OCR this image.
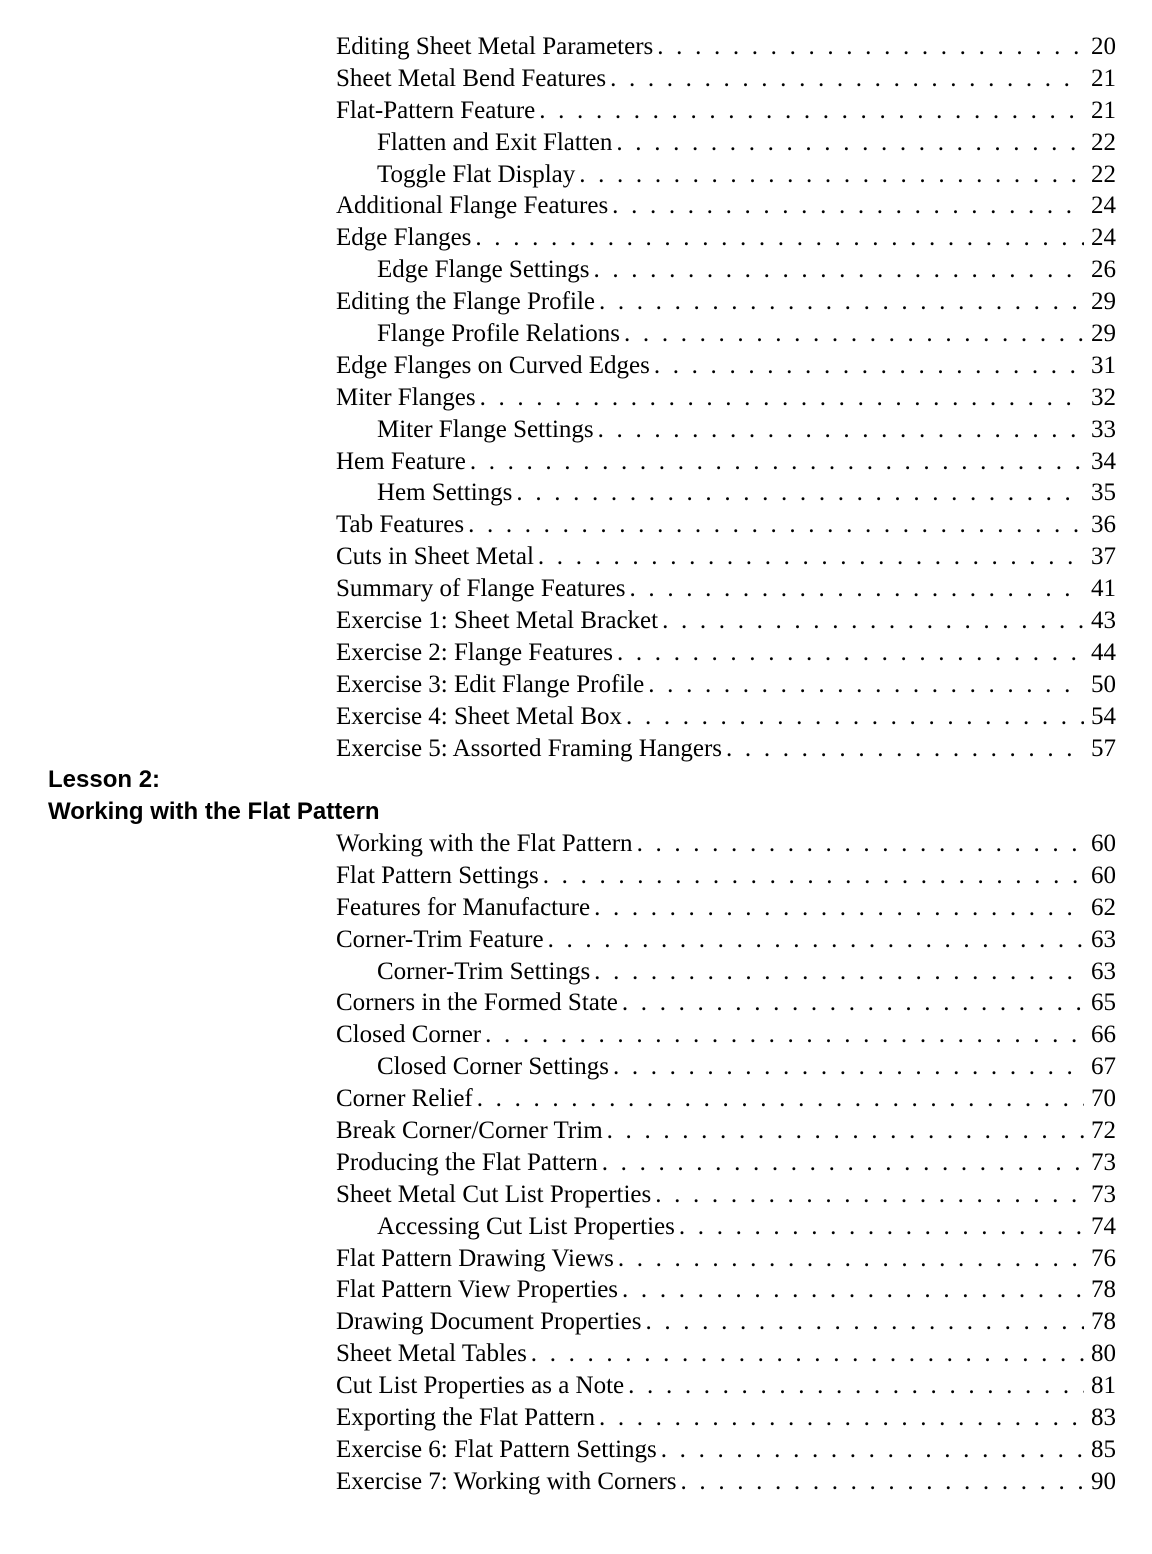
Editing Sheet Metal Parameters . . .	20
Sheet Metal Bend Features . . .	21
Flat-Pattern Feature . . .	21
Flatten and Exit Flatten . . .	22
Toggle Flat Display . . .	22
Additional Flange Features . . .	24
Edge Flanges . . .	24
Edge Flange Settings . . .	26
Editing the Flange Profile . . .	29
Flange Profile Relations . . .	29
Edge Flanges on Curved Edges . . .	31
Miter Flanges . . .	32
Miter Flange Settings . . .	33
Hem Feature . . .	34
Hem Settings . . .	35
Tab Features . . .	36
Cuts in Sheet Metal . . .	37
Summary of Flange Features . . .	41
Exercise 1: Sheet Metal Bracket . . .	43
Exercise 2: Flange Features . . .	44
Exercise 3: Edit Flange Profile . . .	50
Exercise 4: Sheet Metal Box . . .	54
Exercise 5: Assorted Framing Hangers . . .	57
Lesson 2:
Working with the Flat Pattern
Working with the Flat Pattern . . .	60
Flat Pattern Settings . . .	60
Features for Manufacture . . .	62
Corner-Trim Feature . . .	63
Corner-Trim Settings . . .	63
Corners in the Formed State . . .	65
Closed Corner . . .	66
Closed Corner Settings . . .	67
Corner Relief . . .	70
Break Corner/Corner Trim . . .	72
Producing the Flat Pattern . . .	73
Sheet Metal Cut List Properties . . .	73
Accessing Cut List Properties . . .	74
Flat Pattern Drawing Views . . .	76
Flat Pattern View Properties . . .	78
Drawing Document Properties . . .	78
Sheet Metal Tables . . .	80
Cut List Properties as a Note . . .	81
Exporting the Flat Pattern . . .	83
Exercise 6: Flat Pattern Settings . . .	85
Exercise 7: Working with Corners . . .	90
